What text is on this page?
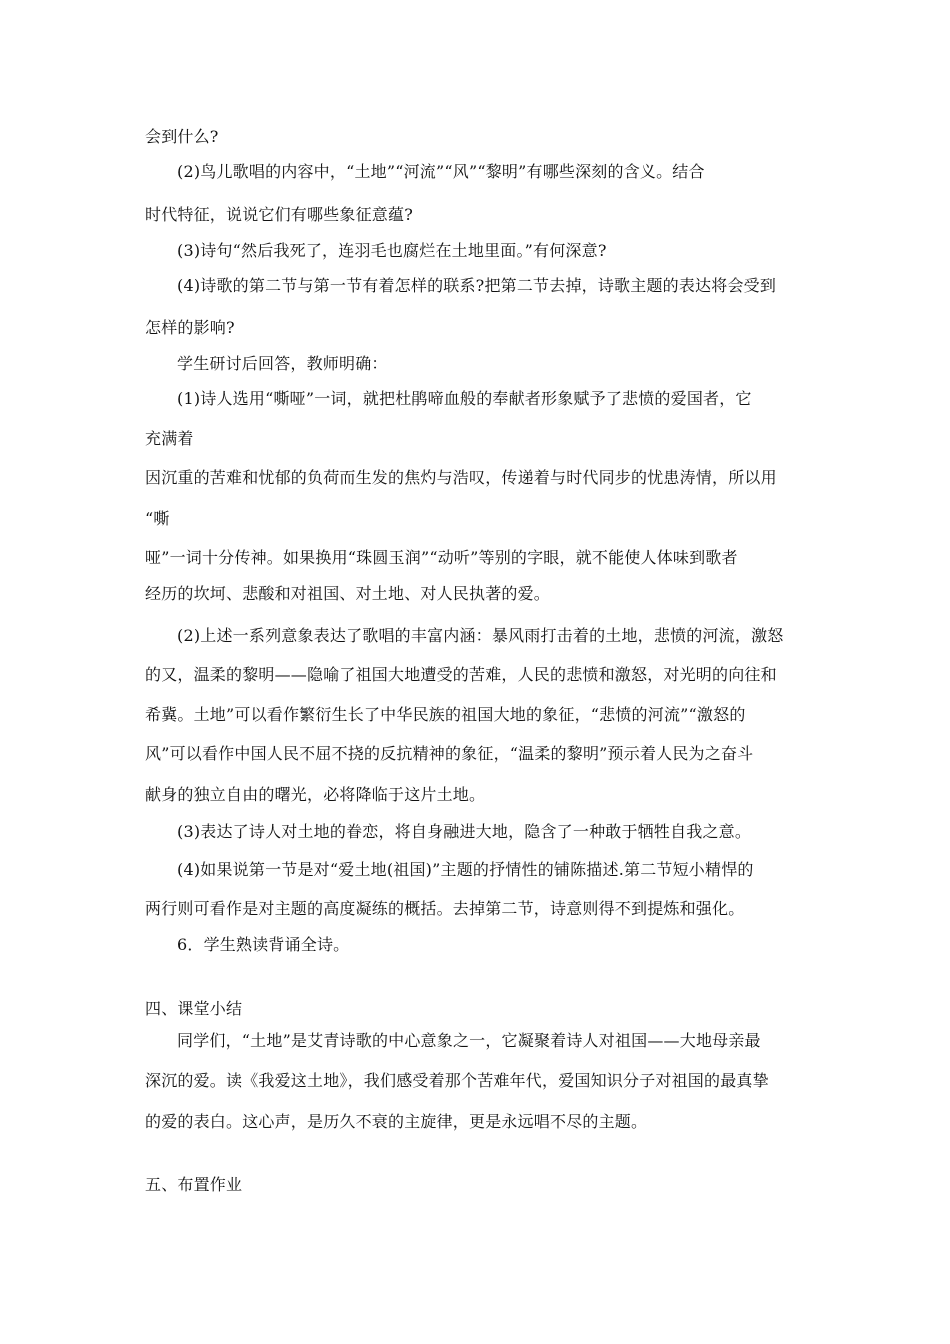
会到什么?
(2)鸟儿歌唱的内容中，“土地”“河流”“风”“黎明”有哪些深刻的含义。结合
时代特征，说说它们有哪些象征意蕴?
(3)诗句“然后我死了，连羽毛也腐烂在土地里面。”有何深意?
(4)诗歌的第二节与第一节有着怎样的联系?把第二节去掉，诗歌主题的表达将会受到
怎样的影响?
学生研讨后回答，教师明确：
(1)诗人选用“嘶哑”一词，就把杜鹃啼血般的奉献者形象赋予了悲愤的爱国者，它
充满着
因沉重的苦难和忧郁的负荷而生发的焦灼与浩叹，传递着与时代同步的忧患涛情，所以用
“嘶
哑”一词十分传神。如果换用“珠圆玉润”“动听”等别的字眼，就不能使人体味到歌者
经历的坎坷、悲酸和对祖国、对土地、对人民执著的爱。
(2)上述一系列意象表达了歌唱的丰富内涵：暴风雨打击着的土地，悲愤的河流，激怒
的又，温柔的黎明——隐喻了祖国大地遭受的苦难，人民的悲愤和激怒，对光明的向往和
希冀。土地”可以看作繁衍生长了中华民族的祖国大地的象征，“悲愤的河流”“激怒的
风”可以看作中国人民不屈不挠的反抗精神的象征，“温柔的黎明”预示着人民为之奋斗
献身的独立自由的曙光，必将降临于这片土地。
(3)表达了诗人对土地的眷恋，将自身融进大地，隐含了一种敢于牺牲自我之意。
(4)如果说第一节是对“爱土地(祖国)”主题的抒情性的铺陈描述.第二节短小精悍的
两行则可看作是对主题的高度凝练的概括。去掉第二节，诗意则得不到提炼和强化。
6．学生熟读背诵全诗。
四、课堂小结
同学们，“土地”是艾青诗歌的中心意象之一，它凝聚着诗人对祖国——大地母亲最
深沉的爱。读《我爱这土地》，我们感受着那个苦难年代，爱国知识分子对祖国的最真挚
的爱的表白。这心声，是历久不衰的主旋律，更是永远唱不尽的主题。
五、布置作业
